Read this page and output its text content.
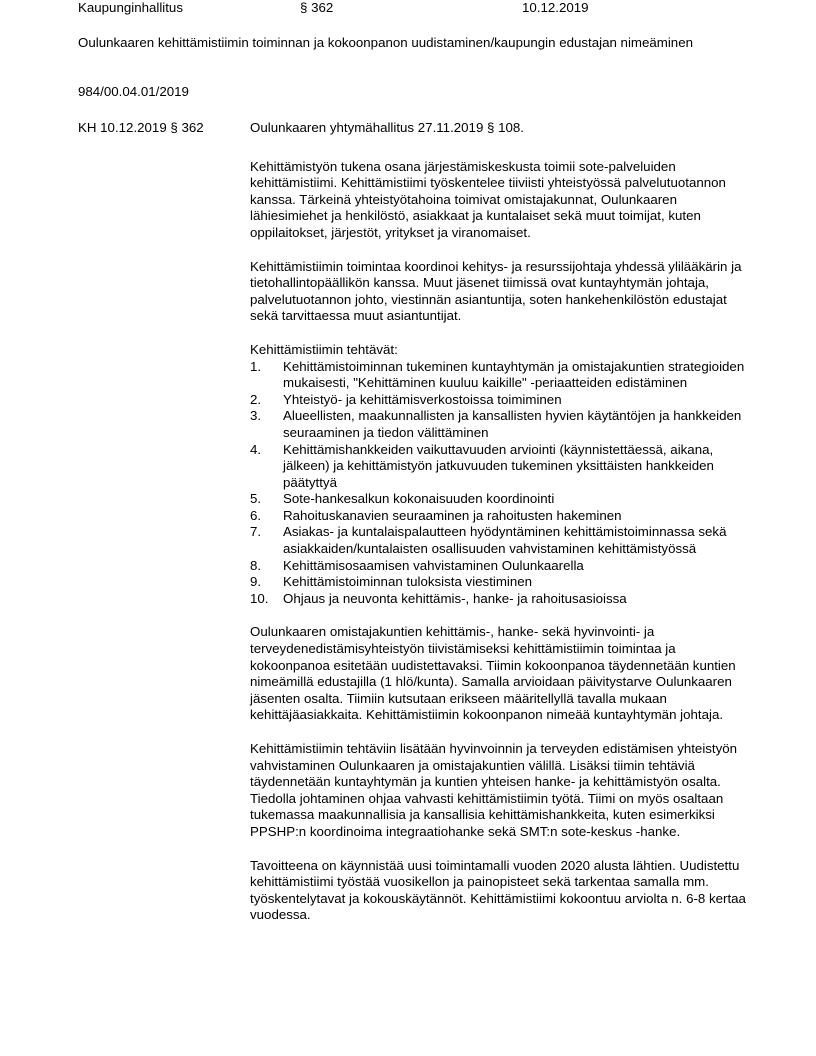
Kaupunginhallitus	§ 362	10.12.2019
Oulunkaaren kehittämistiimin toiminnan ja kokoonpanon uudistaminen/kaupungin edustajan nimeäminen
984/00.04.01/2019
KH 10.12.2019 § 362	Oulunkaaren yhtymähallitus 27.11.2019 § 108.

Kehittämistyön tukena osana järjestämiskeskusta toimii sote-palveluiden kehittämistiimi. Kehittämistiimi työskentelee tiiviisti yhteistyössä palvelutuotannon kanssa. Tärkeinä yhteistyötahoina toimivat omistajakunnat, Oulunkaaren lähiesimiehet ja henkilöstö, asiakkaat ja kuntalaiset sekä muut toimijat, kuten oppilaitokset, järjestöt, yritykset ja viranomaiset.

Kehittämistiimin toimintaa koordinoi kehitys- ja resurssijohtaja yhdessä ylilääkärin ja tietohallintopäällikön kanssa. Muut jäsenet tiimissä ovat kuntayhtymän johtaja, palvelutuotannon johto, viestinnän asiantuntija, soten hankehenkilöstön edustajat sekä tarvittaessa muut asiantuntijat.

Kehittämistiimin tehtävät:

1. Kehittämistoiminnan tukeminen kuntayhtymän ja omistajakuntien strategioiden mukaisesti, "Kehittäminen kuuluu kaikille" -periaatteiden edistäminen
2. Yhteistyö- ja kehittämisverkostoissa toimiminen
3. Alueellisten, maakunnallisten ja kansallisten hyvien käytäntöjen ja hankkeiden seuraaminen ja tiedon välittäminen
4. Kehittämishankkeiden vaikuttavuuden arviointi (käynnistettäessä, aikana, jälkeen) ja kehittämistyön jatkuvuuden tukeminen yksittäisten hankkeiden päätyttyä
5. Sote-hankesalkun kokonaisuuden koordinointi
6. Rahoituskanavien seuraaminen ja rahoitusten hakeminen
7. Asiakas- ja kuntalaispalautteen hyödyntäminen kehittämistoiminnassa sekä asiakkaiden/kuntalaisten osallisuuden vahvistaminen kehittämistyössä
8. Kehittämisosaamisen vahvistaminen Oulunkaarella
9. Kehittämistoiminnan tuloksista viestiminen
10. Ohjaus ja neuvonta kehittämis-, hanke- ja rahoitusasioissa

Oulunkaaren omistajakuntien kehittämis-, hanke- sekä hyvinvointi- ja terveydenedistämisyhteistyön tiivistämiseksi kehittämistiimin toimintaa ja kokoonpanoa esitetään uudistettavaksi. Tiimin kokoonpanoa täydennetään kuntien nimeämillä edustajilla (1 hlö/kunta). Samalla arvioidaan päivitystarve Oulunkaaren jäsenten osalta. Tiimiin kutsutaan erikseen määritellyllä tavalla mukaan kehittäjäasiakkaita. Kehittämistiimin kokoonpanon nimeää kuntayhtymän johtaja.

Kehittämistiimin tehtäviin lisätään hyvinvoinnin ja terveyden edistämisen yhteistyön vahvistaminen Oulunkaaren ja omistajakuntien välillä. Lisäksi tiimin tehtäviä täydennetään kuntayhtymän ja kuntien yhteisen hanke- ja kehittämistyön osalta. Tiedolla johtaminen ohjaa vahvasti kehittämistiimin työtä. Tiimi on myös osaltaan tukemassa maakunnallisia ja kansallisia kehittämishankkeita, kuten esimerkiksi PPSHP:n koordinoima integraatiohanke sekä SMT:n sote-keskus -hanke.

Tavoitteena on käynnistää uusi toimintamalli vuoden 2020 alusta lähtien. Uudistettu kehittämistiimi työstää vuosikellon ja painopisteet sekä tarkentaa samalla mm. työskentelytavat ja kokouskäytännöt. Kehittämistiimi kokoontuu arviolta n. 6-8 kertaa vuodessa.
